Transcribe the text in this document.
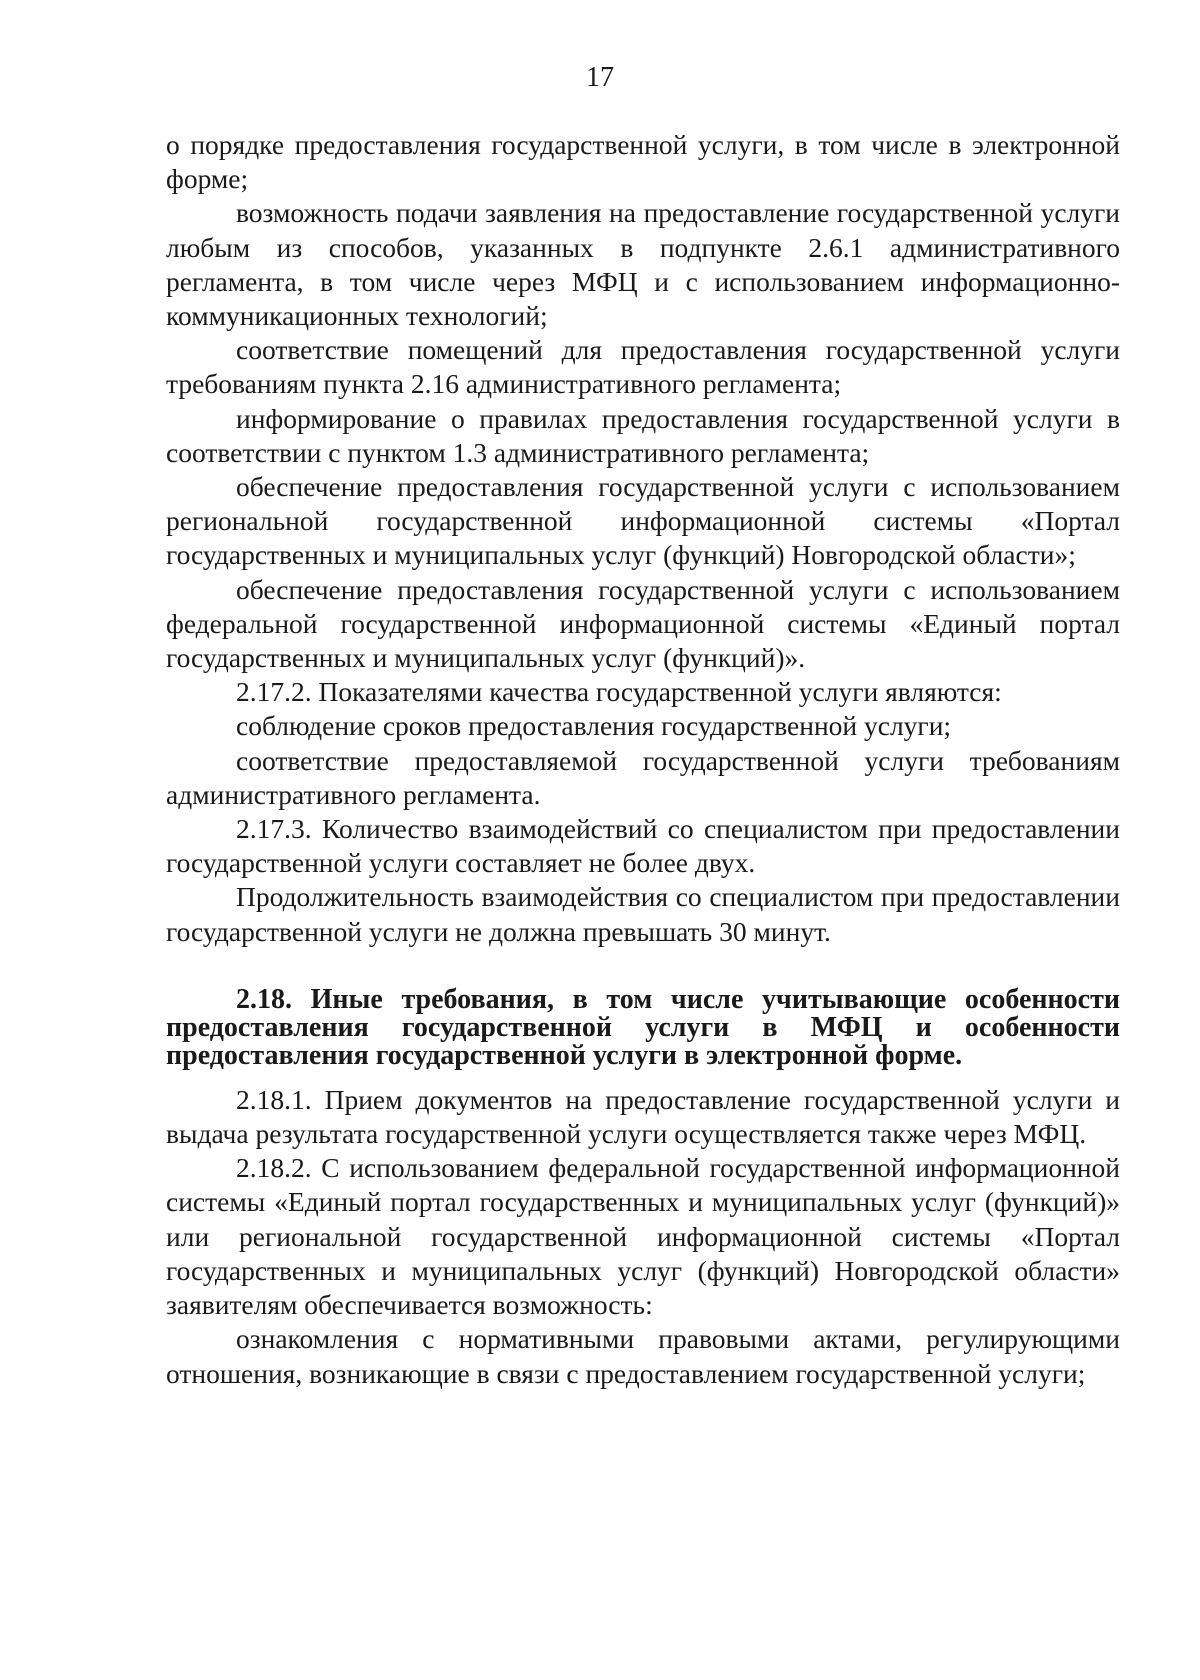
17

о порядке предоставления государственной услуги, в том числе в электронной форме;

возможность подачи заявления на предоставление государственной услуги любым из способов, указанных в подпункте 2.6.1 административного регламента, в том числе через МФЦ и с использованием информационно-коммуникационных технологий;

соответствие помещений для предоставления государственной услуги требованиям пункта 2.16 административного регламента;

информирование о правилах предоставления государственной услуги в соответствии с пунктом 1.3 административного регламента;

обеспечение предоставления государственной услуги с использованием региональной государственной информационной системы «Портал государственных и муниципальных услуг (функций) Новгородской области»;

обеспечение предоставления государственной услуги с использованием федеральной государственной информационной системы «Единый портал государственных и муниципальных услуг (функций)».

2.17.2. Показателями качества государственной услуги являются:

соблюдение сроков предоставления государственной услуги;

соответствие предоставляемой государственной услуги требованиям административного регламента.

2.17.3. Количество взаимодействий со специалистом при предоставлении государственной услуги составляет не более двух.

Продолжительность взаимодействия со специалистом при предоставлении государственной услуги не должна превышать 30 минут.

2.18. Иные требования, в том числе учитывающие особенности предоставления государственной услуги в МФЦ и особенности предоставления государственной услуги в электронной форме.

2.18.1. Прием документов на предоставление государственной услуги и выдача результата государственной услуги осуществляется также через МФЦ.

2.18.2. С использованием федеральной государственной информационной системы «Единый портал государственных и муниципальных услуг (функций)» или региональной государственной информационной системы «Портал государственных и муниципальных услуг (функций) Новгородской области» заявителям обеспечивается возможность:

ознакомления с нормативными правовыми актами, регулирующими отношения, возникающие в связи с предоставлением государственной услуги;
